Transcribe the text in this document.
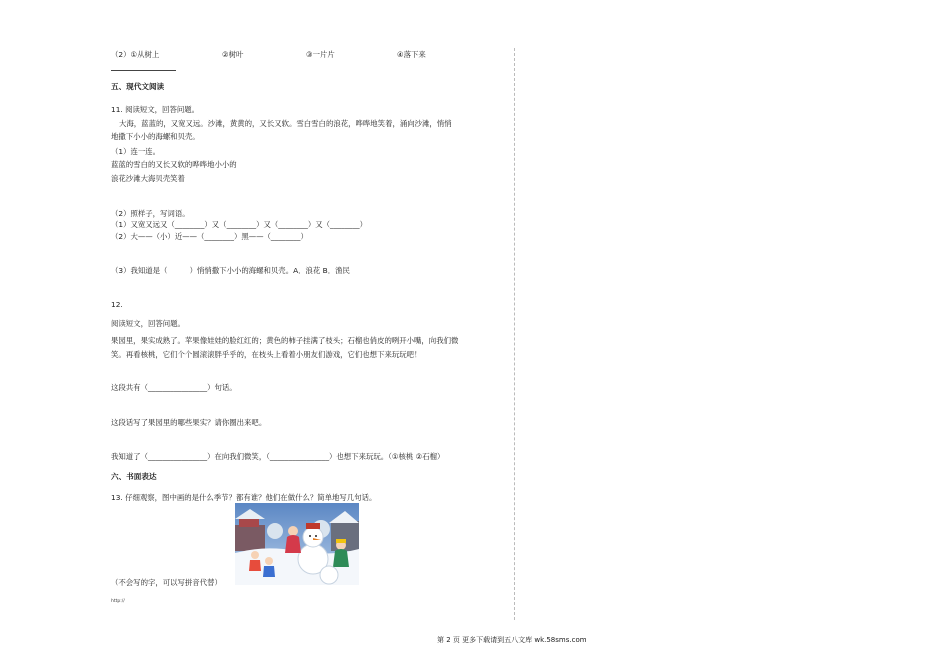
（2）①从树上	②树叶	③一片片	④落下来
五、现代文阅读
11. 阅读短文，回答问题。
大海，蓝蓝的，又宽又远。沙滩，黄黄的，又长又软。雪白雪白的浪花，哗哗地笑着，涌向沙滩，悄悄
地撒下小小的海螺和贝壳。
（1）连一连。
蓝蓝的雪白的又长又软的哗哗地小小的
浪花沙滩大海贝壳笑着
（2）照样子，写词语。
（1）又宽又远又（________）又（________）又（________）又（________）
（2）大——（小）近——（________）黑——（________）
（3）我知道是（　　　）悄悄撒下小小的海螺和贝壳。A．浪花 B．渔民
12.
阅读短文，回答问题。
果园里，果实成熟了。苹果像娃娃的脸红红的；黄色的柿子挂满了枝头；石榴也俏皮的咧开小嘴，向我们微
笑。再看核桃，它们个个圆滚滚胖乎乎的，在枝头上看着小朋友们游戏，它们也想下来玩玩吧！
这段共有（________________）句话。
这段话写了果园里的哪些果实？请你圈出来吧。
我知道了（________________）在向我们微笑，（________________）也想下来玩玩。（①核桃 ②石榴）
六、书面表达
13. 仔细观察，图中画的是什么季节？都有谁？他们在做什么？简单地写几句话。
（不会写的字，可以写拼音代替）
http://
第 2 页 更多下载请到五八文库 wk.58sms.com
